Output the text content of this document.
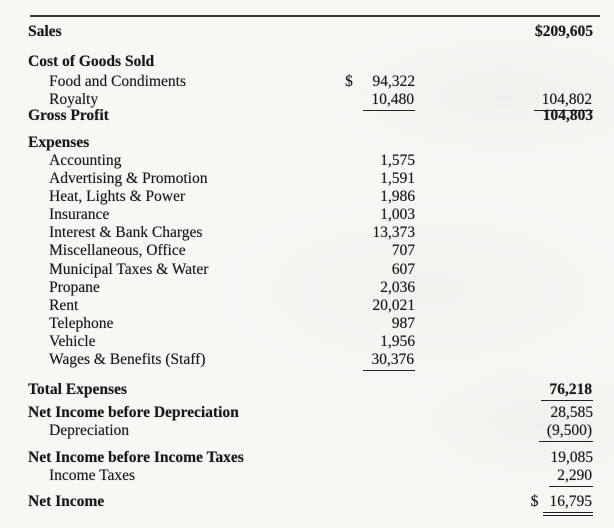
Sales	$209,605
Cost of Goods Sold
Food and Condiments	$ 94,322
Royalty	10,480	104,802
Gross Profit	104,803
Expenses
Accounting	1,575
Advertising & Promotion	1,591
Heat, Lights & Power	1,986
Insurance	1,003
Interest & Bank Charges	13,373
Miscellaneous, Office	707
Municipal Taxes & Water	607
Propane	2,036
Rent	20,021
Telephone	987
Vehicle	1,956
Wages & Benefits (Staff)	30,376
Total Expenses	76,218
Net Income before Depreciation	28,585
Depreciation	(9,500)
Net Income before Income Taxes	19,085
Income Taxes	2,290
Net Income	$ 16,795
